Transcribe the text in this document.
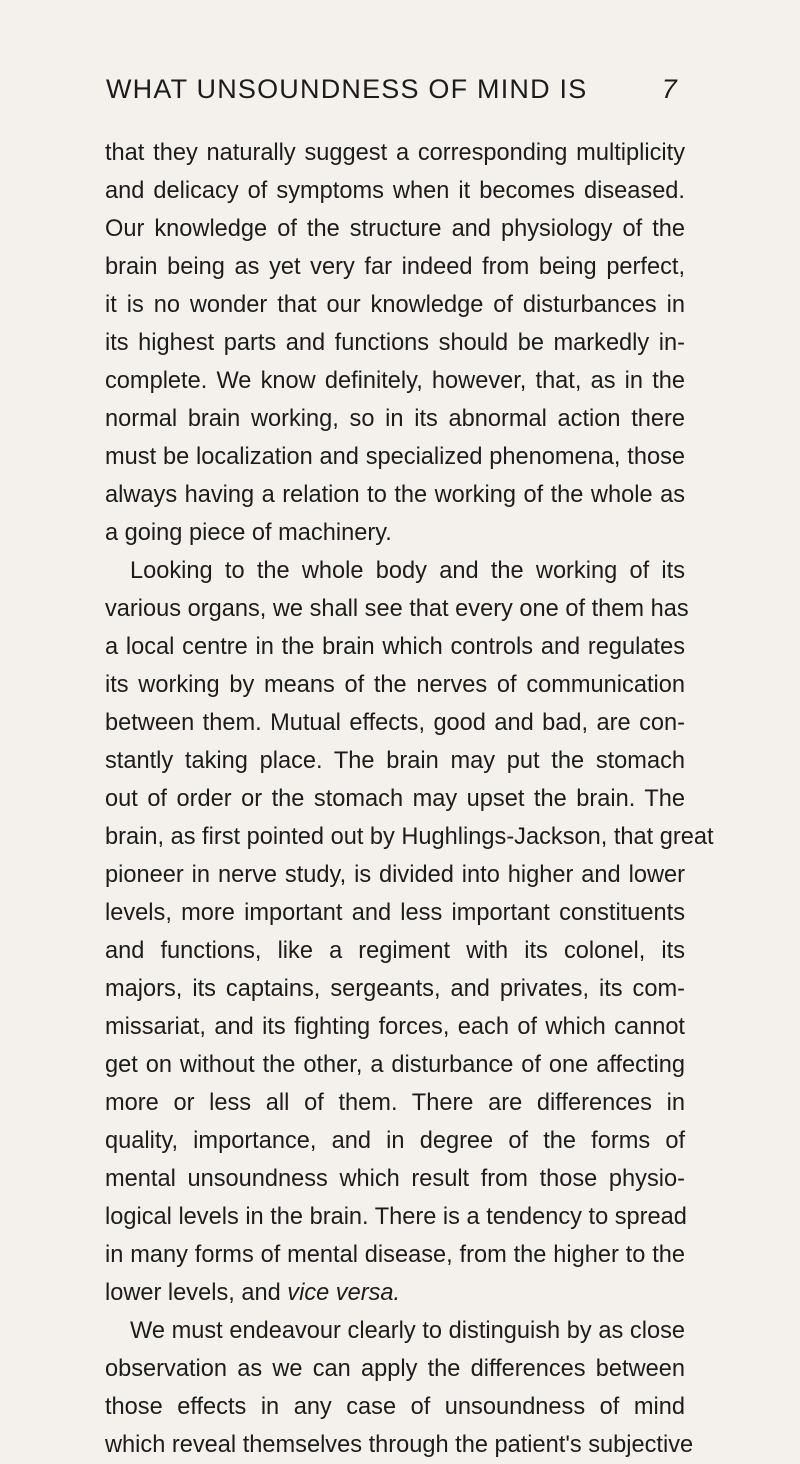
WHAT UNSOUNDNESS OF MIND IS	7
that they naturally suggest a corresponding multiplicity
and delicacy of symptoms when it becomes diseased.
Our knowledge of the structure and physiology of the
brain being as yet very far indeed from being perfect,
it is no wonder that our knowledge of disturbances in
its highest parts and functions should be markedly in-
complete. We know definitely, however, that, as in the
normal brain working, so in its abnormal action there
must be localization and specialized phenomena, those
always having a relation to the working of the whole as
a going piece of machinery.
Looking to the whole body and the working of its
various organs, we shall see that every one of them has
a local centre in the brain which controls and regulates
its working by means of the nerves of communication
between them. Mutual effects, good and bad, are con-
stantly taking place. The brain may put the stomach
out of order or the stomach may upset the brain. The
brain, as first pointed out by Hughlings-Jackson, that great
pioneer in nerve study, is divided into higher and lower
levels, more important and less important constituents
and functions, like a regiment with its colonel, its
majors, its captains, sergeants, and privates, its com-
missariat, and its fighting forces, each of which cannot
get on without the other, a disturbance of one affecting
more or less all of them. There are differences in
quality, importance, and in degree of the forms of
mental unsoundness which result from those physio-
logical levels in the brain. There is a tendency to spread
in many forms of mental disease, from the higher to the
lower levels, and vice versa.
We must endeavour clearly to distinguish by as close
observation as we can apply the differences between
those effects in any case of unsoundness of mind
which reveal themselves through the patient's subjective
